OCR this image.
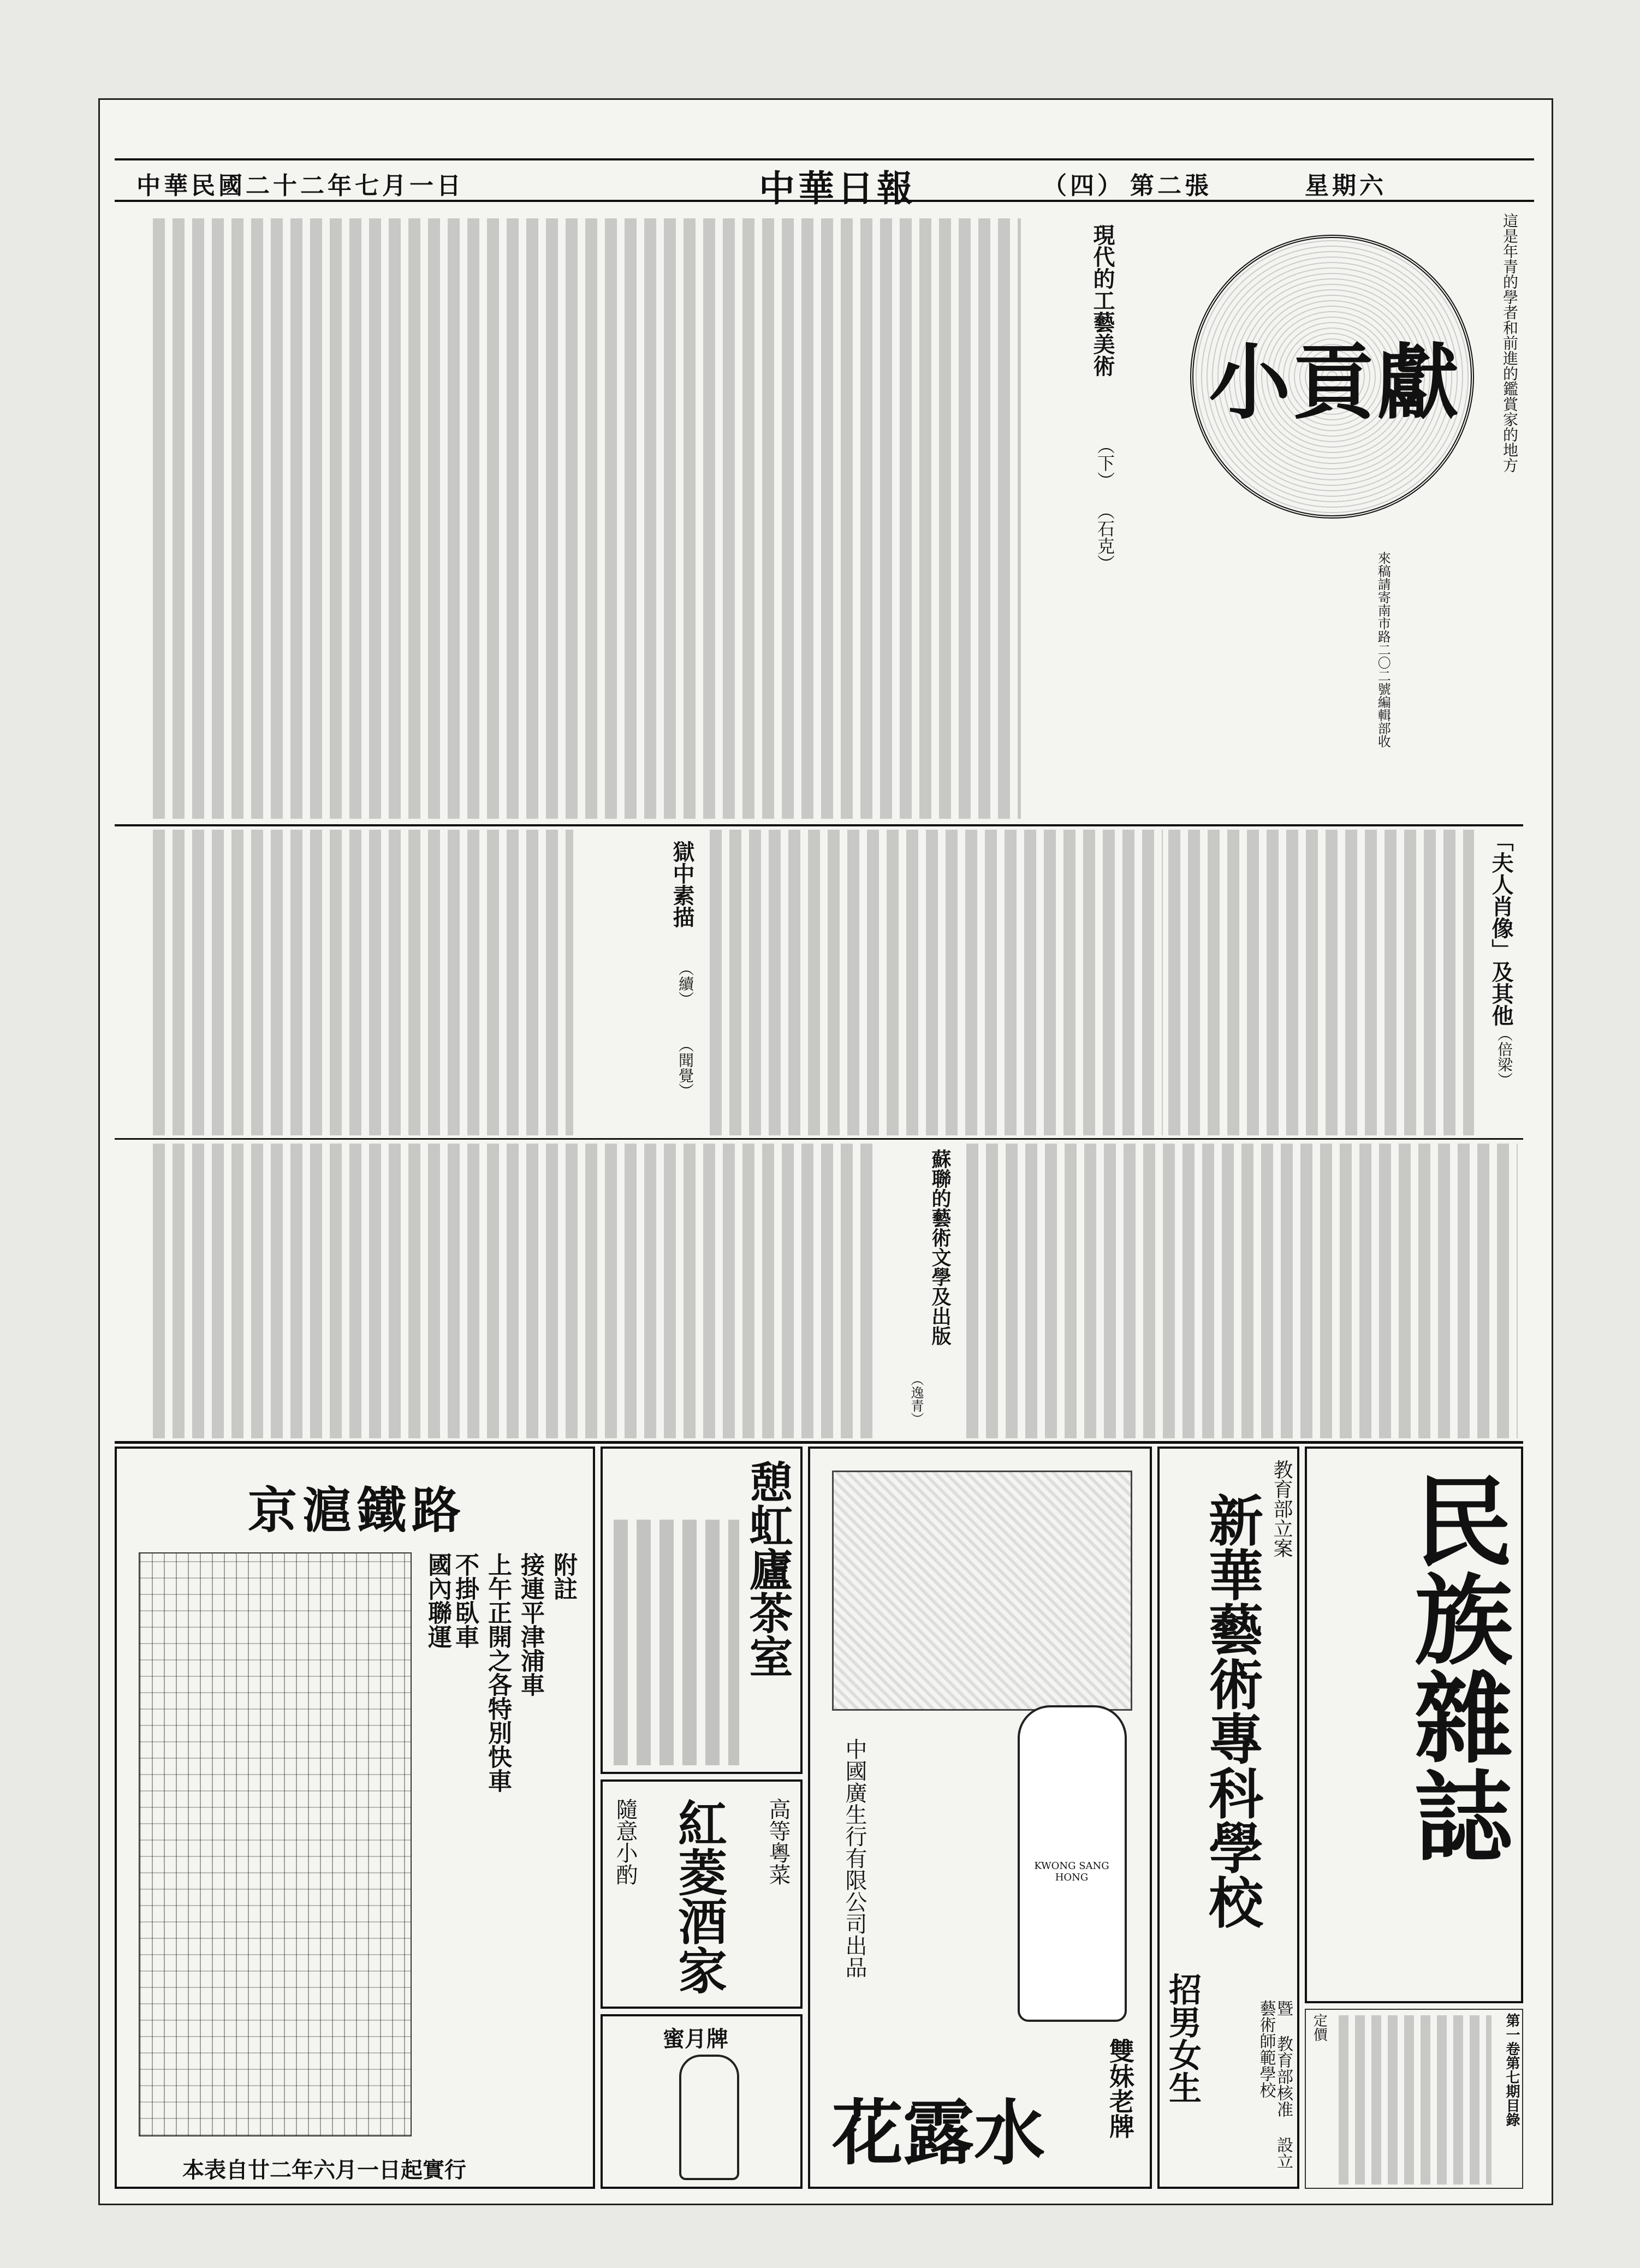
中華民國二十二年七月一日	中華日報	（四） 第二張	星期六
這是年青的學者和前進的鑑賞家的地方
小貢獻
來稿請寄南市路二〇二號編輯部收
現代的工藝美術
（下）
（石克）
「夫人肖像」及其他
（倍梁）
獄中素描
（續）
（聞覺）
蘇聯的藝術文學及出版
（逸青）
民族雜誌
第一卷第七期目錄
定價
教育部立案
新華藝術專科學校
暨 教育部核准 設立 藝術師範學校
招男女生
KWONG SANG HONG
中國廣生行有限公司出品
花露水 雙妹老牌
憩虹廬茶室
紅菱酒家 高等粵菜
隨意小酌
蜜月牌
京滬鐵路
附註
接連平津浦車
上午正開之各特別快車
不掛臥車
國內聯運
本表自廿二年六月一日起實行
